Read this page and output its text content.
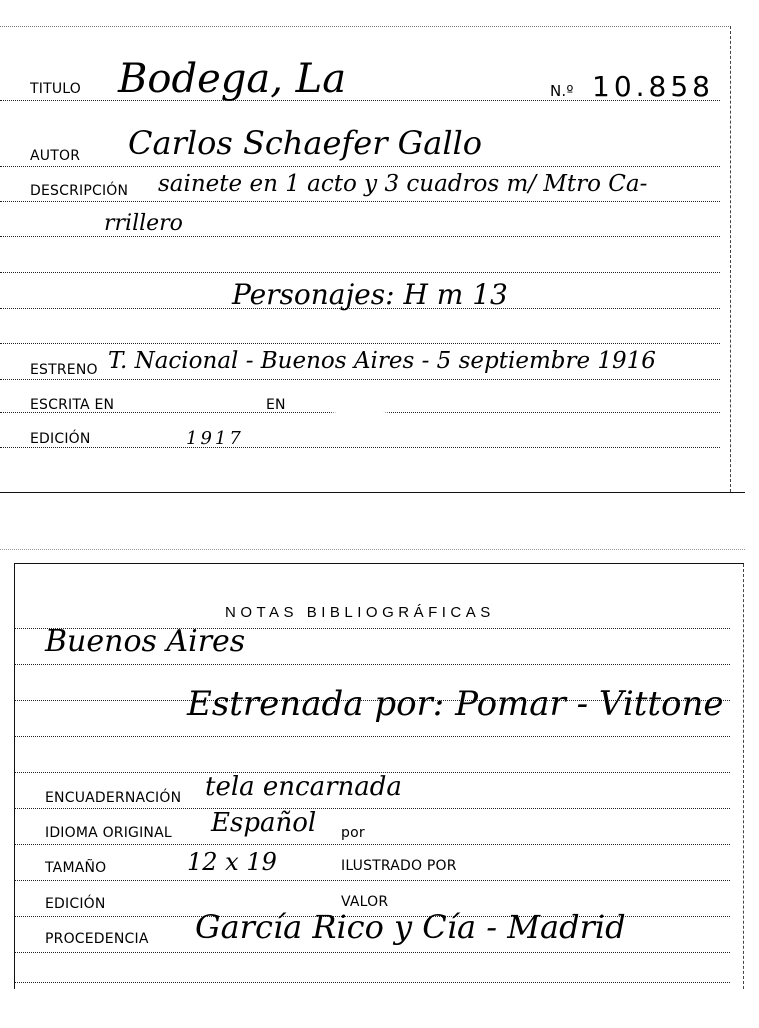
TITULO Bodega, La	N.º 10.858
AUTOR Carlos Schaefer Gallo
DESCRIPCIÓN sainete en 1 acto y 3 cuadros m/ Mtro Ca-
rrillero
Personajes: H m 13
ESTRENO T. Nacional - Buenos Aires - 5 septiembre 1916
ESCRITA EN	EN
EDICIÓN	1917
NOTAS BIBLIOGRÁFICAS
Buenos Aires
Estrenada por: Pomar - Vittone
ENCUADERNACIÓN tela encarnada
IDIOMA ORIGINAL Español por
TAMAÑO	12 x 19	ILUSTRADO POR
EDICIÓN	VALOR
PROCEDENCIA García Rico y Cía - Madrid
